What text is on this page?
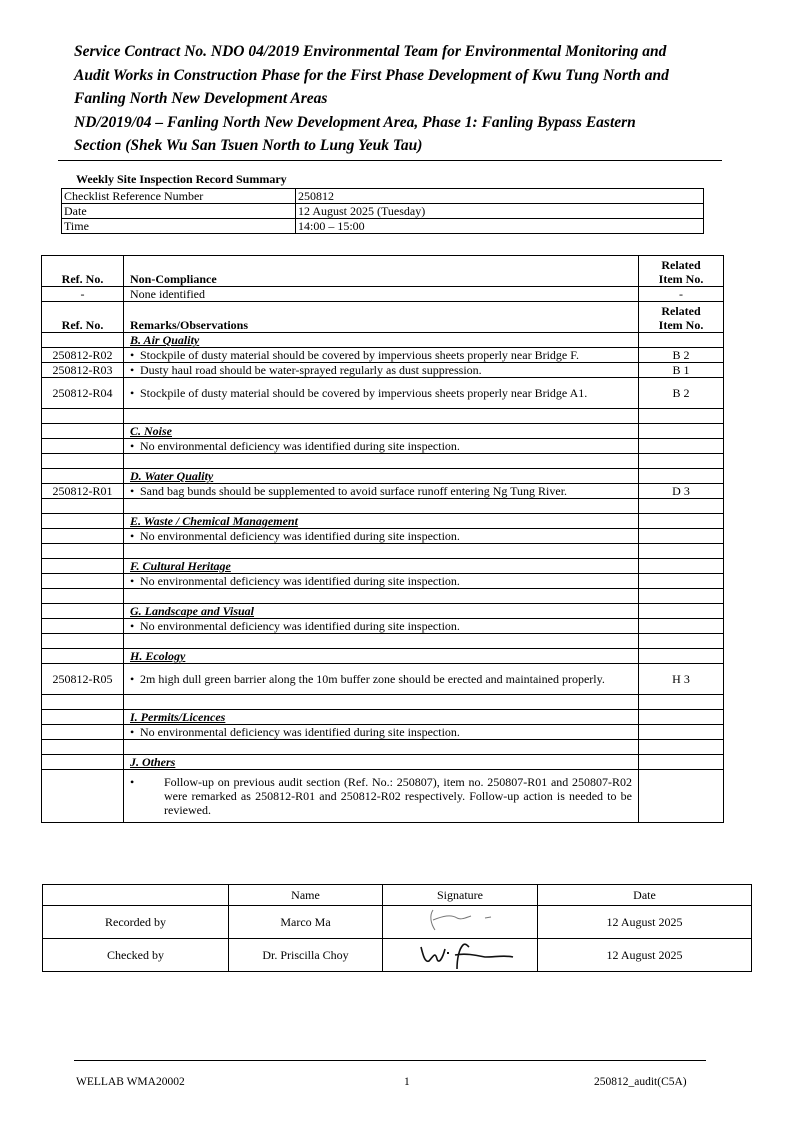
Service Contract No. NDO 04/2019 Environmental Team for Environmental Monitoring and
Audit Works in Construction Phase for the First Phase Development of Kwu Tung North and
Fanling North New Development Areas
ND/2019/04 – Fanling North New Development Area, Phase 1: Fanling Bypass Eastern
Section (Shek Wu San Tsuen North to Lung Yeuk Tau)
Weekly Site Inspection Record Summary
Checklist Reference Number	250812
Date	12 August 2025 (Tuesday)
Time	14:00 – 15:00
Ref. No.	Non-Compliance	Related
Item No.
-	None identified	-
Ref. No.	Remarks/Observations	Related
Item No.
	B. Air Quality	
250812-R02	• Stockpile of dusty material should be covered by impervious sheets properly near Bridge F.	B 2
250812-R03	• Dusty haul road should be water-sprayed regularly as dust suppression.	B 1
250812-R04	• Stockpile of dusty material should be covered by impervious sheets properly near Bridge A1.	B 2

	C. Noise	
	• No environmental deficiency was identified during site inspection.	

	D. Water Quality	
250812-R01	• Sand bag bunds should be supplemented to avoid surface runoff entering Ng Tung River.	D 3

	E. Waste / Chemical Management	
	• No environmental deficiency was identified during site inspection.	

	F. Cultural Heritage	
	• No environmental deficiency was identified during site inspection.	

	G. Landscape and Visual	
	• No environmental deficiency was identified during site inspection.	

	H. Ecology	
250812-R05	• 2m high dull green barrier along the 10m buffer zone should be erected and maintained properly.	H 3

	I. Permits/Licences	
	• No environmental deficiency was identified during site inspection.	

	J. Others	

	• Follow-up on previous audit section (Ref. No.: 250807), item no. 250807-R01 and 250807-R02 were remarked as 250812-R01 and 250812-R02 respectively. Follow-up action is needed to be reviewed.	

	Name	Signature	Date
Recorded by	Marco Ma		12 August 2025
Checked by	Dr. Priscilla Choy		12 August 2025
WELLAB WMA20002	1	250812_audit(C5A)
